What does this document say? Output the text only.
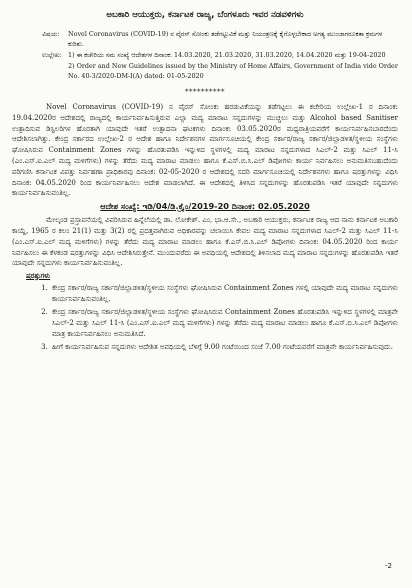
ಅಬಕಾರಿ ಆಯುಕ್ತರು, ಕರ್ನಾಟಕ ರಾಜ್ಯ, ಬೆಂಗಳೂರು ಇವರ ನಡವಳಿಗಳು
ವಿಷಯ:	Novel Coronavirus (COVID-19) ನ ವೈರಸ್ ಸೋಂಕು ತಡೆಗಟ್ಟುವಿಕೆ ಮತ್ತು ನಿಯಂತ್ರಣಕ್ಕೆ ಕೈಗೊಳ್ಳಬೇಕಾದ ಅಗತ್ಯ ಮುಂಜಾಗರೂಕತಾ ಕ್ರಮಗಳ ಕುರಿತು.
ಉಲ್ಲೇಖ: 1) ಈ ಕಚೇರಿಯ ಸಮ ಸಂಖ್ಯೆ ಆದೇಶಗಳ ದಿನಾಂಕ: 14.03.2020, 21.03.2020, 31.03.2020, 14.04.2020 ಮತ್ತು 19-04-2020
2) Order and New Guidelines issued by the Ministry of Home Affairs, Government of India vide Order No. 40-3/2020-DM-I(A) dated: 01-05-2020
**********
Novel Coronavirus (COVID-19) ನ ವೈರಸ್ ಸೋಂಕು ಹರಡುವಿಕೆಯನ್ನು ತಡೆಗಟ್ಟಲು ಈ ಕಚೇರಿಯ ಉಲ್ಲೇಖ-1 ರ ದಿನಾಂಕ: 19.04.2020ರ ಆದೇಶದಲ್ಲಿ ರಾಜ್ಯದಲ್ಲಿ ಕಾರ್ಯನಿರ್ವಹಿಸುತ್ತಿರುವ ಎಲ್ಲಾ ಮದ್ಯ ಮಾರಾಟ ಸನ್ನದುಗಳನ್ನು ಮುಚ್ಚಲು ಮತ್ತು Alcohol based Sanitiser ಉತ್ಪಾದಿಸುವ ಡಿಸ್ಟಿಲರಿಗಳ ಹೊರತಾಗಿ ಯಾವುದೇ ಇತರೆ ಉತ್ಪಾದನಾ ಘಟಕಗಳು ದಿನಾಂಕ: 03.05.2020ರ ಮಧ್ಯರಾತ್ರಿಯವರೆಗೆ ಕಾರ್ಯನಿರ್ವಹಿಸಬಾರದೆಂದು ಆದೇಶಿಸಲಾಗಿತ್ತು. ಕೇಂದ್ರ ಸರ್ಕಾರದ ಉಲ್ಲೇಖ-2 ರ ಆದೇಶ ಹಾಗೂ ನಿರ್ದೇಶನಗಳ ಮಾರ್ಗಸೂಚಿಯಲ್ಲಿ ಕೇಂದ್ರ ಸರ್ಕಾರ/ರಾಜ್ಯ ಸರ್ಕಾರ/ಜಿಲ್ಲಾಡಳಿತ/ಸ್ಥಳೀಯ ಸಂಸ್ಥೆಗಳು ಘೋಷಿಸಿರುವ Containment Zones ಗಳನ್ನು ಹೊರತುಪಡಿಸಿ ಇನ್ನುಳಿದ ಸ್ಥಳಗಳಲ್ಲಿ ಮದ್ಯ ಮಾರಾಟ ಸನ್ನದುಗಳಾದ ಸಿಎಲ್-2 ಮತ್ತು ಸಿಎಲ್ 11-ಸಿ (ಎಂ.ಎಸ್.ಐ.ಎಲ್ ಮದ್ಯ ಮಳಿಗೆಗಳು) ಗಳನ್ನು ತೆರೆದು ಮದ್ಯ ಮಾರಾಟ ಮಾಡಲು ಹಾಗೂ ಕೆ.ಎಸ್.ಬಿ.ಸಿ.ಎಲ್ ಡಿಪೋಗಳು ಕಾರ್ಯ ನಿರ್ವಹಿಸಲು ಅನುಮತಿಸಬಹುದೆಂದು ಪರಿಗಣಿಸಿ ಕರ್ನಾಟಕ ವಿಪತ್ತು ನಿರ್ವಹಣಾ ಪ್ರಾಧಿಕಾರವು ದಿನಾಂಕ: 02-05-2020 ರ ಆದೇಶದಲ್ಲಿ ಸದರಿ ಮಾರ್ಗಸೂಚಿಯಲ್ಲಿ ನಿರ್ದೇಶನಗಳು ಹಾಗೂ ಷರತ್ತುಗಳನ್ನು ವಿಧಿಸಿ ದಿನಾಂಕ: 04.05.2020 ರಿಂದ ಕಾರ್ಯನಿರ್ವಹಿಸಲು ಆದೇಶ ಮಾಡಲಾಗಿದೆ. ಈ ಆದೇಶದಲ್ಲಿ ತಿಳಿಸಿದ ಸನ್ನದುಗಳನ್ನು ಹೊರತುಪಡಿಸಿ ಇತರೆ ಯಾವುದೇ ಸನ್ನದುಗಳು ಕಾರ್ಯನಿರ್ವಹಿಸುವಂತಿಲ್ಲ.
ಆದೇಶ ಸಂಖ್ಯೆ: ಇಡಿ/04/ಡಿ.ಕ್ರೈಂ/2019-20 ದಿನಾಂಕ: 02.05.2020
ಮೇಲ್ಕಂಡ ಪ್ರಸ್ತಾವನೆಯಲ್ಲಿ ವಿವರಿಸಿರುವ ಹಿನ್ನೆಲೆಯಲ್ಲಿ ಡಾ. ಲೋಕೇಶ್. ಎಂ, ಭಾ.ಆ.ಸೇ., ಅಬಕಾರಿ ಆಯುಕ್ತರು, ಕರ್ನಾಟಕ ರಾಜ್ಯ ಆದ ನಾನು ಕರ್ನಾಟಕ ಅಬಕಾರಿ ಕಾಯ್ದೆ, 1965 ರ ಕಲಂ 21(1) ಮತ್ತು 3(2) ರಲ್ಲಿ ಪ್ರದತ್ತವಾಗಿರುವ ಅಧಿಕಾರವನ್ನು ಚಲಾಯಿಸಿ ಕೇವಲ ಮದ್ಯ ಮಾರಾಟ ಸನ್ನದುಗಳಾದ ಸಿಎಲ್-2 ಮತ್ತು ಸಿಎಲ್ 11-ಸಿ (ಎಂ.ಎಸ್.ಐ.ಎಲ್ ಮದ್ಯ ಮಳಿಗೆಗಳು) ಗಳನ್ನು ತೆರೆದು ಮದ್ಯ ಮಾರಾಟ ಮಾಡಲು ಹಾಗೂ ಕೆ.ಎಸ್.ಬಿ.ಸಿ.ಎಲ್ ಡಿಪೋಗಳು ದಿನಾಂಕ: 04.05.2020 ರಿಂದ ಕಾರ್ಯ ನಿರ್ವಹಿಸಲು ಈ ಕೆಳಕಂಡ ಷರತ್ತುಗಳನ್ನು ವಿಧಿಸಿ ಆದೇಶಿಸಿರುತ್ತೇನೆ. ಮುಂದುವರೆದು ಈ ಅವಧಿಯಲ್ಲಿ ಆದೇಶದಲ್ಲಿ ತಿಳಿಸಲಾದ ಮದ್ಯ ಮಾರಾಟ ಸನ್ನದುಗಳನ್ನು ಹೊರತುಪಡಿಸಿ ಇತರೆ ಯಾವುದೇ ಸನ್ನದುಗಳು ಕಾರ್ಯನಿರ್ವಹಿಸುವಂತಿಲ್ಲ.
ಷರತ್ತುಗಳು
1. ಕೇಂದ್ರ ಸರ್ಕಾರ/ರಾಜ್ಯ ಸರ್ಕಾರ/ಜಿಲ್ಲಾಡಳಿತ/ಸ್ಥಳೀಯ ಸಂಸ್ಥೆಗಳು ಘೋಷಿಸಿರುವ Containment Zones ಗಳಲ್ಲಿ ಯಾವುದೇ ಮದ್ಯ ಮಾರಾಟ ಸನ್ನದುಗಳು ಕಾರ್ಯನಿರ್ವಹಿಸುವಂತಿಲ್ಲ.
2. ಕೇಂದ್ರ ಸರ್ಕಾರ/ರಾಜ್ಯ ಸರ್ಕಾರ/ಜಿಲ್ಲಾಡಳಿತ/ಸ್ಥಳೀಯ ಸಂಸ್ಥೆಗಳು ಘೋಷಿಸಿರುವ Containment Zones ಹೊರತುಪಡಿಸಿ ಇನ್ನುಳಿದ ಸ್ಥಳಗಳಲ್ಲಿ ಮಾತ್ರವೇ ಸಿಎಲ್-2 ಮತ್ತು ಸಿಎಲ್ 11-ಸಿ (ಎಂ.ಎಸ್.ಐ.ಎಲ್ ಮದ್ಯ ಮಳಿಗೆಗಳು) ಗಳನ್ನು ತೆರೆದು ಮದ್ಯ ಮಾರಾಟ ಮಾಡಲು ಹಾಗೂ ಕೆ.ಎಸ್.ಬಿ.ಸಿ.ಎಲ್ ಡಿಪೋಗಳು ಮಾತ್ರ ಕಾರ್ಯನಿರ್ವಹಿಸಲು ಅನುಮತಿಸಿದೆ.
3. ಹೀಗೆ ಕಾರ್ಯನಿರ್ವಹಿಸುವ ಸನ್ನದುಗಳು ಆದೇಶಿತ ಅವಧಿಯಲ್ಲಿ ಬೆಳಿಗ್ಗೆ 9.00 ಗಂಟೆಯಿಂದ ಸಂಜೆ 7.00 ಗಂಟೆಯವರೆಗೆ ಮಾತ್ರವೇ ಕಾರ್ಯನಿರ್ವಹಿಸುವುದು.
-2
